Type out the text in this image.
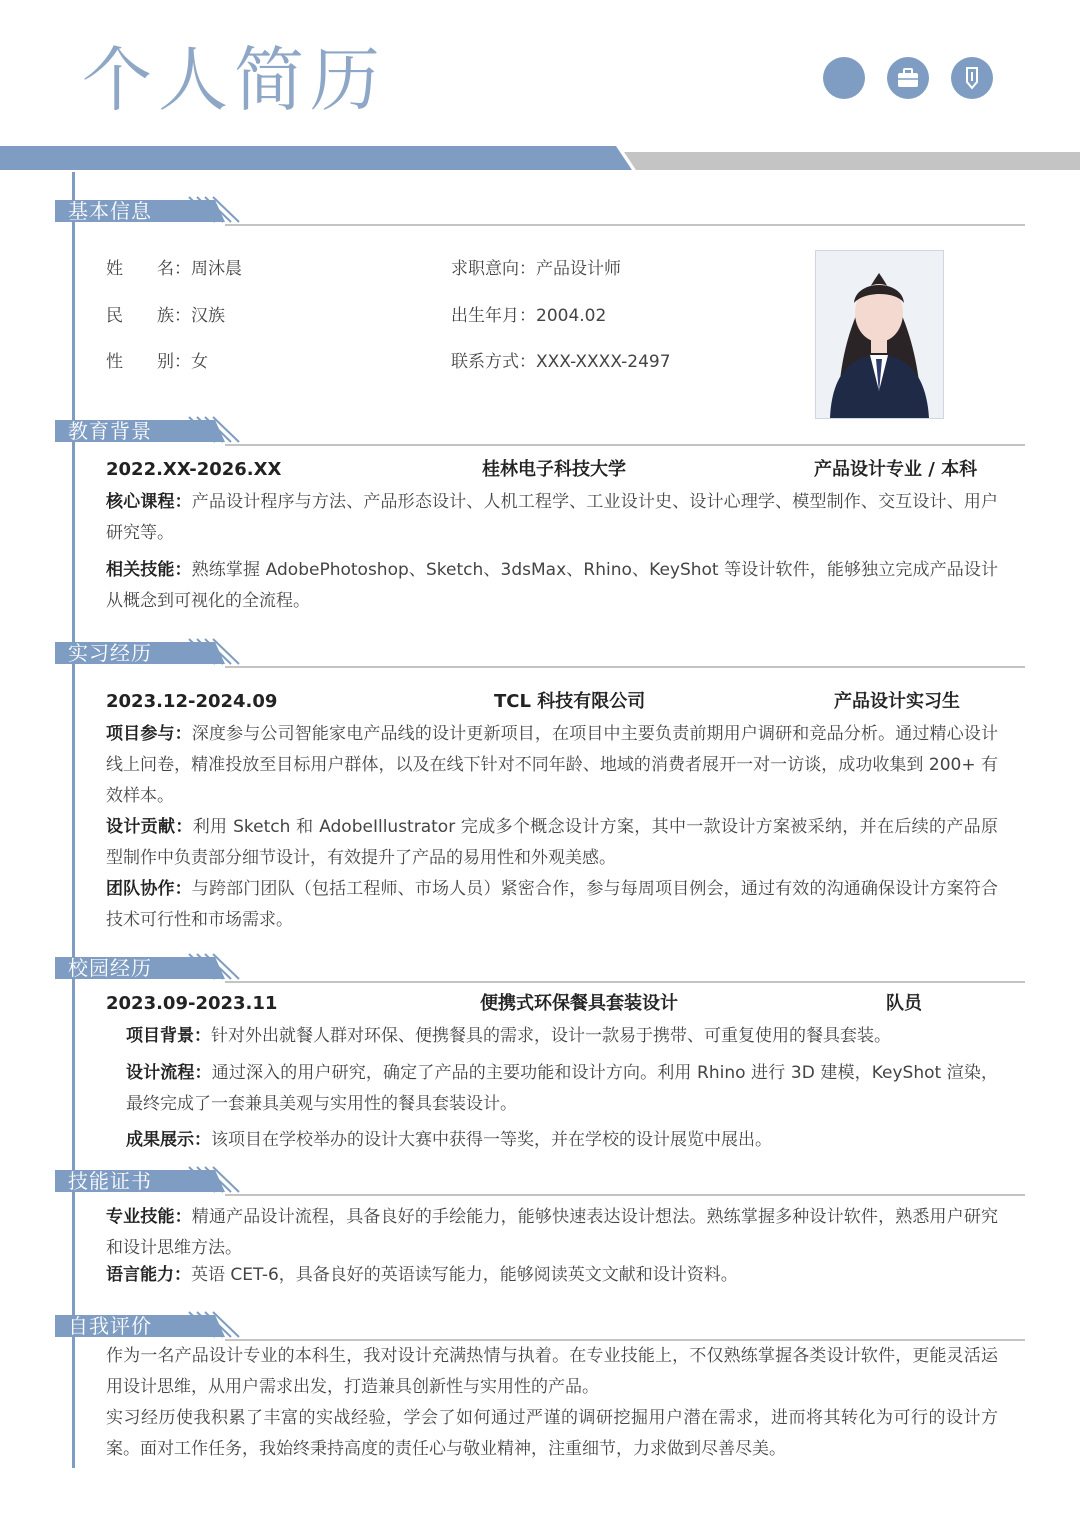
个人简历
基本信息
姓　　名：周沐晨
民　　族：汉族
性　　别：女
求职意向：产品设计师
出生年月：2004.02
联系方式：XXX-XXXX-2497
教育背景
2022.XX-2026.XX	桂林电子科技大学	产品设计专业 / 本科
核心课程：产品设计程序与方法、产品形态设计、人机工程学、工业设计史、设计心理学、模型制作、交互设计、用户研究等。
相关技能：熟练掌握 AdobePhotoshop、Sketch、3dsMax、Rhino、KeyShot 等设计软件，能够独立完成产品设计从概念到可视化的全流程。
实习经历
2023.12-2024.09	TCL 科技有限公司	产品设计实习生
项目参与：深度参与公司智能家电产品线的设计更新项目，在项目中主要负责前期用户调研和竞品分析。通过精心设计线上问卷，精准投放至目标用户群体，以及在线下针对不同年龄、地域的消费者展开一对一访谈，成功收集到 200+ 有效样本。
设计贡献：利用 Sketch 和 AdobeIllustrator 完成多个概念设计方案，其中一款设计方案被采纳，并在后续的产品原型制作中负责部分细节设计，有效提升了产品的易用性和外观美感。
团队协作：与跨部门团队（包括工程师、市场人员）紧密合作，参与每周项目例会，通过有效的沟通确保设计方案符合技术可行性和市场需求。
校园经历
2023.09-2023.11	便携式环保餐具套装设计	队员
项目背景：针对外出就餐人群对环保、便携餐具的需求，设计一款易于携带、可重复使用的餐具套装。
设计流程：通过深入的用户研究，确定了产品的主要功能和设计方向。利用 Rhino 进行 3D 建模，KeyShot 渲染，最终完成了一套兼具美观与实用性的餐具套装设计。
成果展示：该项目在学校举办的设计大赛中获得一等奖，并在学校的设计展览中展出。
技能证书
专业技能：精通产品设计流程，具备良好的手绘能力，能够快速表达设计想法。熟练掌握多种设计软件，熟悉用户研究和设计思维方法。
语言能力：英语 CET-6，具备良好的英语读写能力，能够阅读英文文献和设计资料。
自我评价
作为一名产品设计专业的本科生，我对设计充满热情与执着。在专业技能上，不仅熟练掌握各类设计软件，更能灵活运用设计思维，从用户需求出发，打造兼具创新性与实用性的产品。
实习经历使我积累了丰富的实战经验，学会了如何通过严谨的调研挖掘用户潜在需求，进而将其转化为可行的设计方案。面对工作任务，我始终秉持高度的责任心与敬业精神，注重细节，力求做到尽善尽美。
